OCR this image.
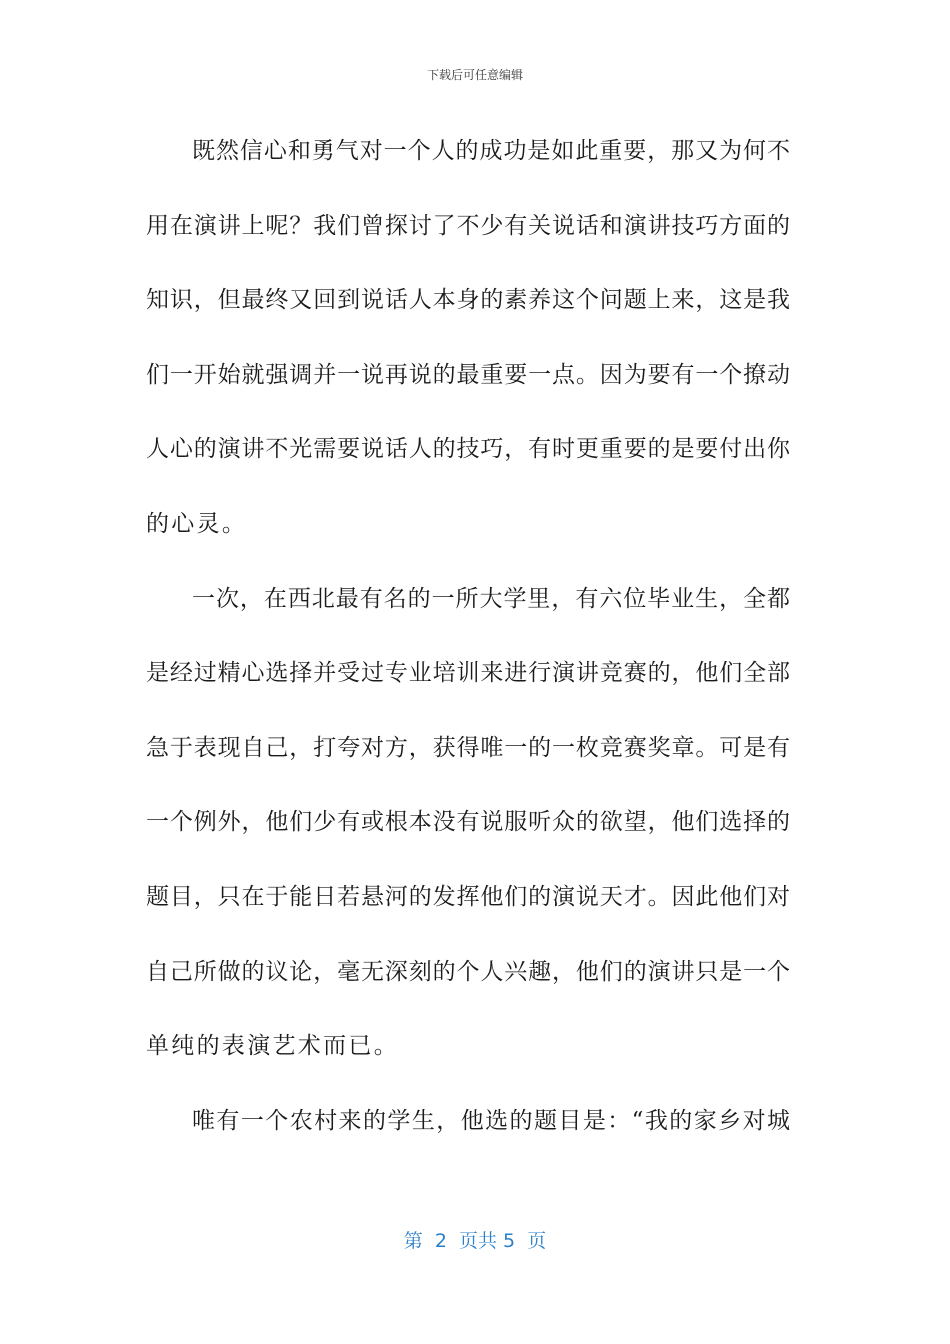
下载后可任意编辑
既然信心和勇气对一个人的成功是如此重要，那又为何不
用在演讲上呢？我们曾探讨了不少有关说话和演讲技巧方面的
知识，但最终又回到说话人本身的素养这个问题上来，这是我
们一开始就强调并一说再说的最重要一点。因为要有一个撩动
人心的演讲不光需要说话人的技巧，有时更重要的是要付出你
的心灵。
一次，在西北最有名的一所大学里，有六位毕业生，全都
是经过精心选择并受过专业培训来进行演讲竞赛的，他们全部
急于表现自己，打夸对方，获得唯一的一枚竞赛奖章。可是有
一个例外，他们少有或根本没有说服听众的欲望，他们选择的
题目，只在于能日若悬河的发挥他们的演说天才。因此他们对
自己所做的议论，毫无深刻的个人兴趣，他们的演讲只是一个
单纯的表演艺术而已。
唯有一个农村来的学生，他选的题目是：“我的家乡对城
第  2  页共 5  页
